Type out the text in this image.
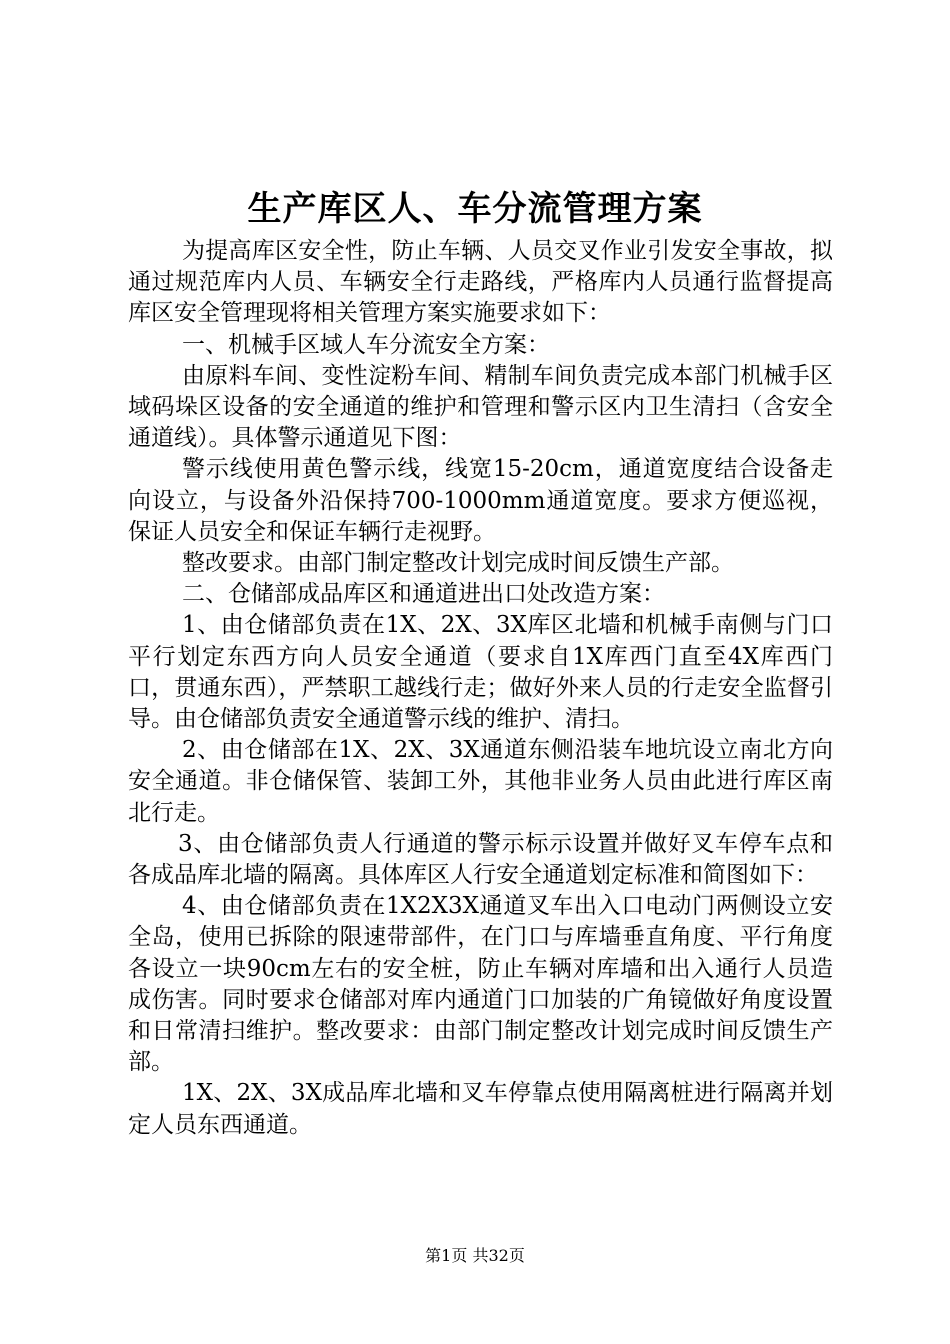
生产库区人、车分流管理方案

为提高库区安全性，防止车辆、人员交叉作业引发安全事故，拟通过规范库内人员、车辆安全行走路线，严格库内人员通行监督提高库区安全管理现将相关管理方案实施要求如下：

一、机械手区域人车分流安全方案：

由原料车间、变性淀粉车间、精制车间负责完成本部门机械手区域码垛区设备的安全通道的维护和管理和警示区内卫生清扫（含安全通道线）。具体警示通道见下图：

警示线使用黄色警示线，线宽15-20cm，通道宽度结合设备走向设立，与设备外沿保持700-1000mm通道宽度。要求方便巡视，保证人员安全和保证车辆行走视野。

整改要求。由部门制定整改计划完成时间反馈生产部。

二、仓储部成品库区和通道进出口处改造方案：

1、由仓储部负责在1X、2X、3X库区北墙和机械手南侧与门口平行划定东西方向人员安全通道（要求自1X库西门直至4X库西门口，贯通东西），严禁职工越线行走；做好外来人员的行走安全监督引导。由仓储部负责安全通道警示线的维护、清扫。

2、由仓储部在1X、2X、3X通道东侧沿装车地坑设立南北方向安全通道。非仓储保管、装卸工外，其他非业务人员由此进行库区南北行走。

3、由仓储部负责人行通道的警示标示设置并做好叉车停车点和各成品库北墙的隔离。具体库区人行安全通道划定标准和简图如下：

4、由仓储部负责在1X2X3X通道叉车出入口电动门两侧设立安全岛，使用已拆除的限速带部件，在门口与库墙垂直角度、平行角度各设立一块90cm左右的安全桩，防止车辆对库墙和出入通行人员造成伤害。同时要求仓储部对库内通道门口加装的广角镜做好角度设置和日常清扫维护。整改要求：由部门制定整改计划完成时间反馈生产部。

1X、2X、3X成品库北墙和叉车停靠点使用隔离桩进行隔离并划定人员东西通道。

第1页 共32页
